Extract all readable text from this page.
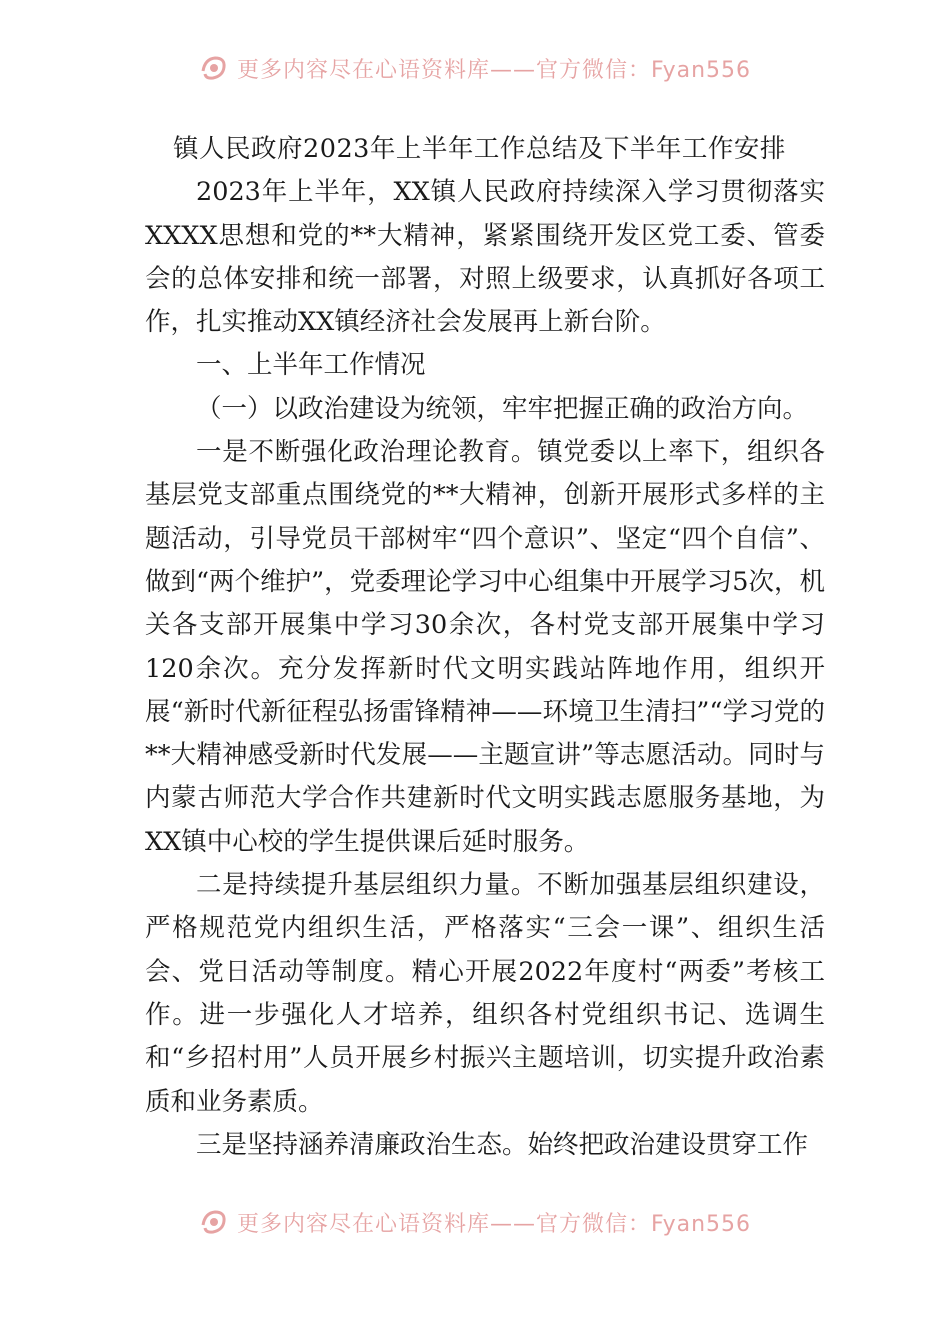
更多内容尽在心语资料库——官方微信：Fyan556

镇人民政府2023年上半年工作总结及下半年工作安排

2023年上半年，XX镇人民政府持续深入学习贯彻落实XXXX思想和党的**大精神，紧紧围绕开发区党工委、管委会的总体安排和统一部署，对照上级要求，认真抓好各项工作，扎实推动XX镇经济社会发展再上新台阶。

一、上半年工作情况

（一）以政治建设为统领，牢牢把握正确的政治方向。

一是不断强化政治理论教育。镇党委以上率下，组织各基层党支部重点围绕党的**大精神，创新开展形式多样的主题活动，引导党员干部树牢“四个意识”、坚定“四个自信”、做到“两个维护”，党委理论学习中心组集中开展学习5次，机关各支部开展集中学习30余次，各村党支部开展集中学习120余次。充分发挥新时代文明实践站阵地作用，组织开展“新时代新征程弘扬雷锋精神——环境卫生清扫”“学习党的**大精神感受新时代发展——主题宣讲”等志愿活动。同时与内蒙古师范大学合作共建新时代文明实践志愿服务基地，为XX镇中心校的学生提供课后延时服务。

二是持续提升基层组织力量。不断加强基层组织建设，严格规范党内组织生活，严格落实“三会一课”、组织生活会、党日活动等制度。精心开展2022年度村“两委”考核工作。进一步强化人才培养，组织各村党组织书记、选调生和“乡招村用”人员开展乡村振兴主题培训，切实提升政治素质和业务素质。

三是坚持涵养清廉政治生态。始终把政治建设贯穿工作

更多内容尽在心语资料库——官方微信：Fyan556
